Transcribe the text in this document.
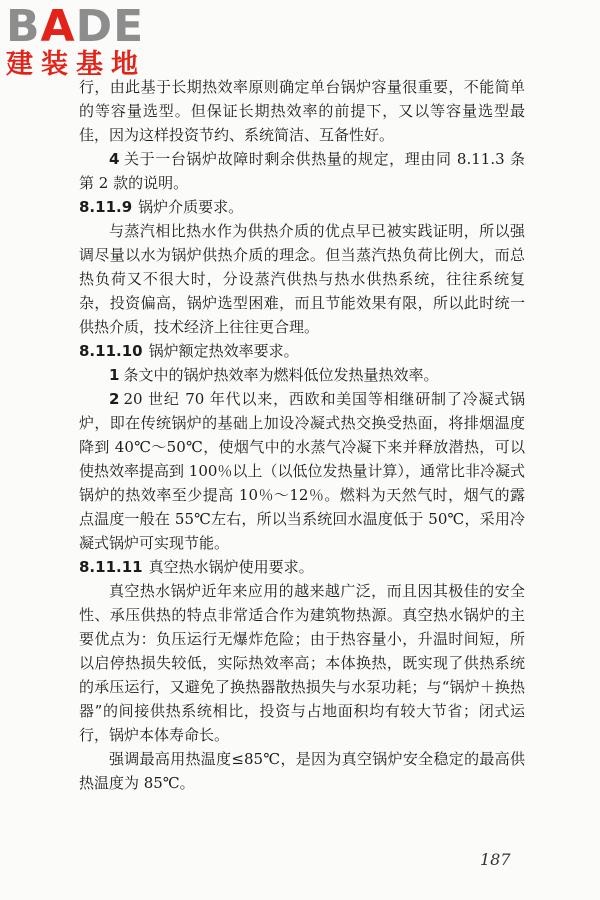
BADE
建装基地

行，由此基于长期热效率原则确定单台锅炉容量很重要，不能简单的等容量选型。但保证长期热效率的前提下，又以等容量选型最佳，因为这样投资节约、系统简洁、互备性好。

4 关于一台锅炉故障时剩余供热量的规定，理由同 8.11.3 条第 2 款的说明。

8.11.9 锅炉介质要求。

与蒸汽相比热水作为供热介质的优点早已被实践证明，所以强调尽量以水为锅炉供热介质的理念。但当蒸汽热负荷比例大，而总热负荷又不很大时，分设蒸汽供热与热水供热系统，往往系统复杂，投资偏高，锅炉选型困难，而且节能效果有限，所以此时统一供热介质，技术经济上往往更合理。

8.11.10 锅炉额定热效率要求。

1 条文中的锅炉热效率为燃料低位发热量热效率。

2 20 世纪 70 年代以来，西欧和美国等相继研制了冷凝式锅炉，即在传统锅炉的基础上加设冷凝式热交换受热面，将排烟温度降到 40℃～50℃，使烟气中的水蒸气冷凝下来并释放潜热，可以使热效率提高到 100％以上（以低位发热量计算），通常比非冷凝式锅炉的热效率至少提高 10％～12％。燃料为天然气时，烟气的露点温度一般在 55℃左右，所以当系统回水温度低于 50℃，采用冷凝式锅炉可实现节能。

8.11.11 真空热水锅炉使用要求。

真空热水锅炉近年来应用的越来越广泛，而且因其极佳的安全性、承压供热的特点非常适合作为建筑物热源。真空热水锅炉的主要优点为：负压运行无爆炸危险；由于热容量小，升温时间短，所以启停热损失较低，实际热效率高；本体换热，既实现了供热系统的承压运行，又避免了换热器散热损失与水泵功耗；与“锅炉＋换热器”的间接供热系统相比，投资与占地面积均有较大节省；闭式运行，锅炉本体寿命长。

强调最高用热温度≤85℃，是因为真空锅炉安全稳定的最高供热温度为 85℃。

187
